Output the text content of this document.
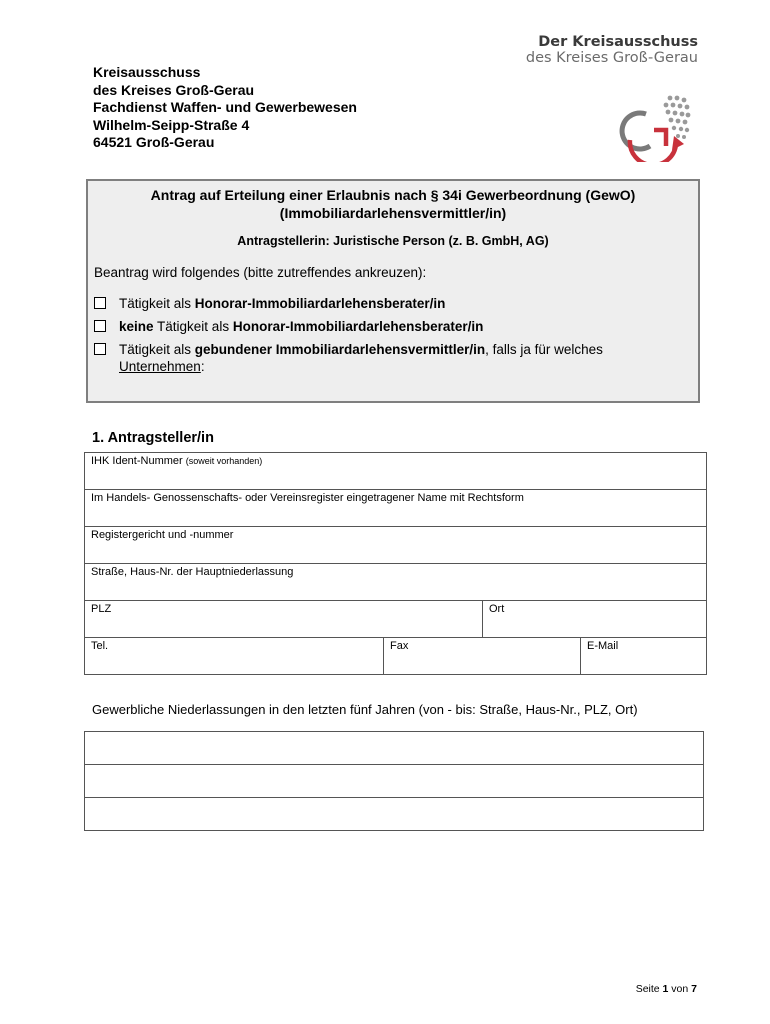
Der Kreisausschuss
des Kreises Groß-Gerau
Kreisausschuss
des Kreises Groß-Gerau
Fachdienst Waffen- und Gewerbewesen
Wilhelm-Seipp-Straße 4
64521 Groß-Gerau
Antrag auf Erteilung einer Erlaubnis nach § 34i Gewerbeordnung (GewO)
(Immobiliardarlehensvermittler/in)
Antragstellerin: Juristische Person (z. B. GmbH, AG)
Beantrag wird folgendes (bitte zutreffendes ankreuzen):
Tätigkeit als Honorar-Immobiliardarlehensberater/in
keine Tätigkeit als Honorar-Immobiliardarlehensberater/in
Tätigkeit als gebundener Immobiliardarlehensvermittler/in, falls ja für welches
Unternehmen:
1. Antragsteller/in
IHK Ident-Nummer (soweit vorhanden)			
Im Handels- Genossenschafts- oder Vereinsregister eingetragener Name mit Rechtsform			
Registergericht und -nummer			
Straße, Haus-Nr. der Hauptniederlassung			
PLZ		Ort	
Tel.	Fax		E-Mail
Gewerbliche Niederlassungen in den letzten fünf Jahren (von - bis: Straße, Haus-Nr., PLZ, Ort)

Seite 1 von 7
